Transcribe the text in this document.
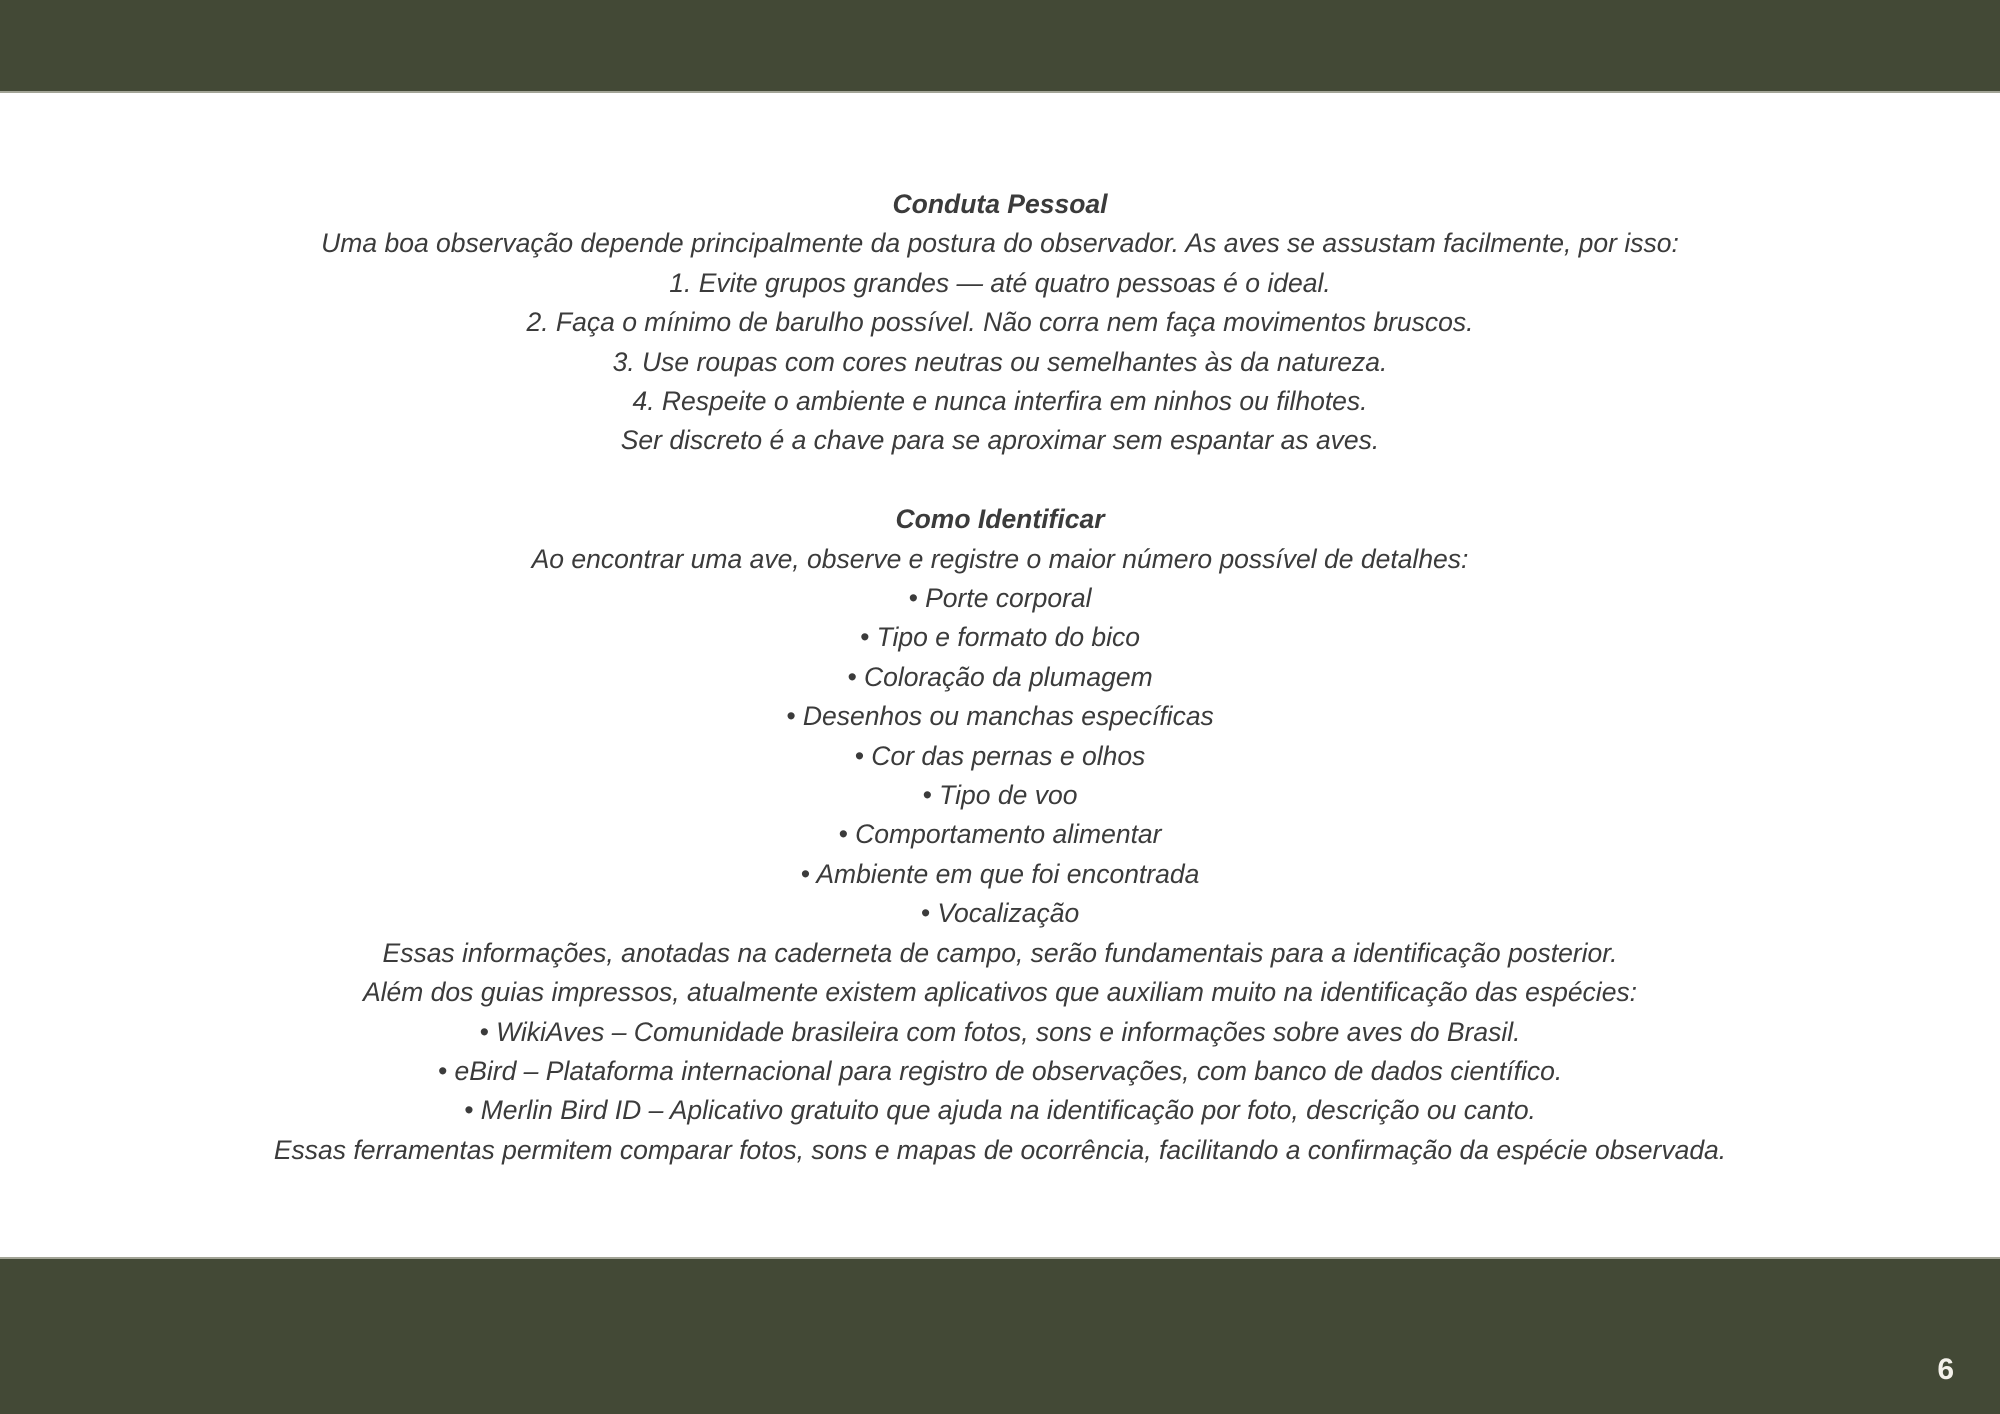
Conduta Pessoal

Uma boa observação depende principalmente da postura do observador. As aves se assustam facilmente, por isso:

1. Evite grupos grandes — até quatro pessoas é o ideal.

2. Faça o mínimo de barulho possível. Não corra nem faça movimentos bruscos.

3. Use roupas com cores neutras ou semelhantes às da natureza.

4. Respeite o ambiente e nunca interfira em ninhos ou filhotes.

Ser discreto é a chave para se aproximar sem espantar as aves.

Como Identificar

Ao encontrar uma ave, observe e registre o maior número possível de detalhes:

• Porte corporal

• Tipo e formato do bico

• Coloração da plumagem

• Desenhos ou manchas específicas

• Cor das pernas e olhos

• Tipo de voo

• Comportamento alimentar

• Ambiente em que foi encontrada

• Vocalização

Essas informações, anotadas na caderneta de campo, serão fundamentais para a identificação posterior.

Além dos guias impressos, atualmente existem aplicativos que auxiliam muito na identificação das espécies:

• WikiAves – Comunidade brasileira com fotos, sons e informações sobre aves do Brasil.

• eBird – Plataforma internacional para registro de observações, com banco de dados científico.

• Merlin Bird ID – Aplicativo gratuito que ajuda na identificação por foto, descrição ou canto.

Essas ferramentas permitem comparar fotos, sons e mapas de ocorrência, facilitando a confirmação da espécie observada.

6
